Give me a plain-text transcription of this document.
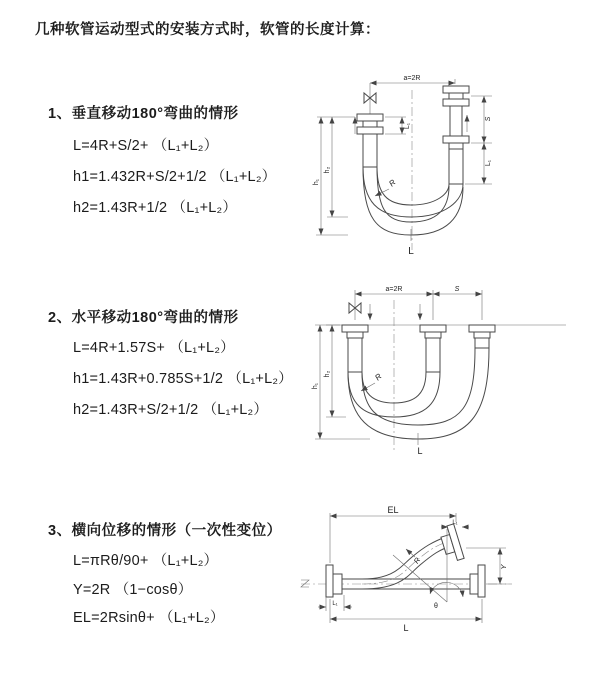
几种软管运动型式的安装方式时，软管的长度计算：
1、垂直移动180°弯曲的情形
L=4R+S/2+ （L₁+L₂）
h1=1.432R+S/2+1/2 （L₁+L₂）
h2=1.43R+1/2 （L₁+L₂）
2、水平移动180°弯曲的情形
L=4R+1.57S+ （L₁+L₂）
h1=1.43R+0.785S+1/2 （L₁+L₂）
h2=1.43R+S/2+1/2 （L₁+L₂）
3、横向位移的情形（一次性变位）
L=πRθ/90+ （L₁+L₂）
Y=2R （1−cosθ）
EL=2Rsinθ+ （L₁+L₂）
a=2R
L₁
S
L₁
h₂
h₁	R
L
a=2R	S
h₂
h₁
R
L
θ
EL
L₁
L₁
Y
L
R
